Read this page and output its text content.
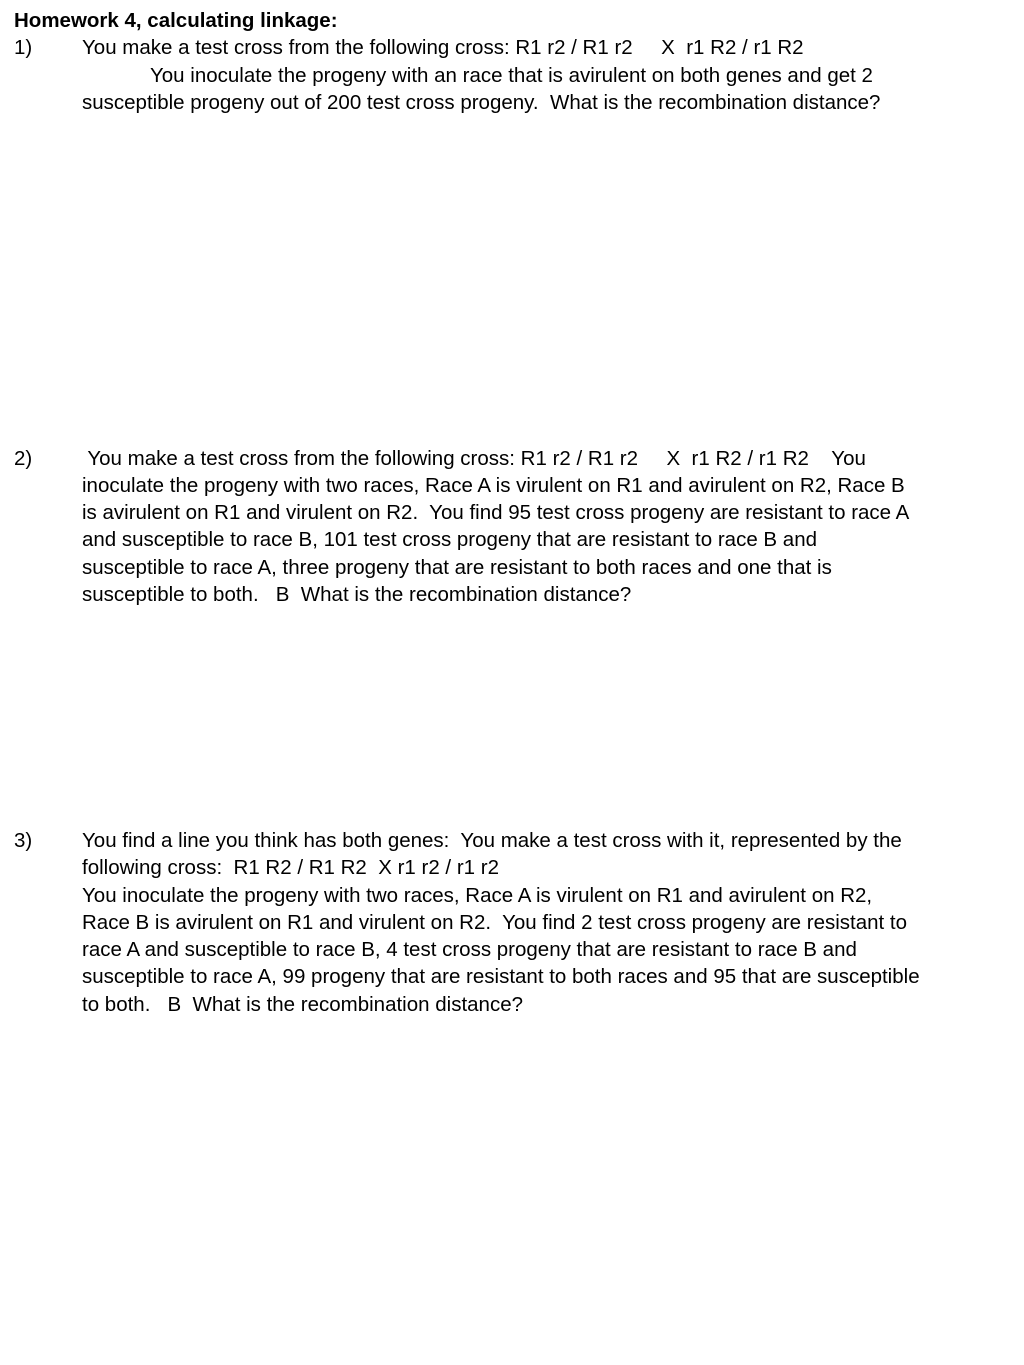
Homework 4, calculating linkage:
1) You make a test cross from the following cross: R1 r2 / R1 r2     X  r1 R2 / r1 R2
You inoculate the progeny with an race that is avirulent on both genes and get 2
susceptible progeny out of 200 test cross progeny.  What is the recombination distance?
2) You make a test cross from the following cross: R1 r2 / R1 r2     X  r1 R2 / r1 R2    You
inoculate the progeny with two races, Race A is virulent on R1 and avirulent on R2, Race B
is avirulent on R1 and virulent on R2.  You find 95 test cross progeny are resistant to race A
and susceptible to race B, 101 test cross progeny that are resistant to race B and
susceptible to race A, three progeny that are resistant to both races and one that is
susceptible to both.   B  What is the recombination distance?
3) You find a line you think has both genes:  You make a test cross with it, represented by the
following cross:  R1 R2 / R1 R2  X r1 r2 / r1 r2
You inoculate the progeny with two races, Race A is virulent on R1 and avirulent on R2,
Race B is avirulent on R1 and virulent on R2.  You find 2 test cross progeny are resistant to
race A and susceptible to race B, 4 test cross progeny that are resistant to race B and
susceptible to race A, 99 progeny that are resistant to both races and 95 that are susceptible
to both.   B  What is the recombination distance?
